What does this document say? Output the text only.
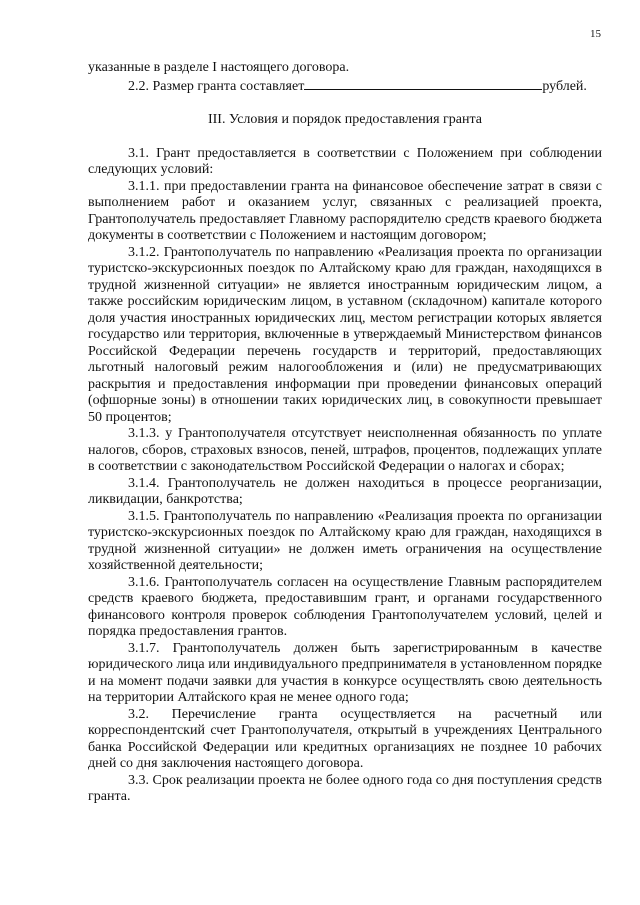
15

указанные в разделе I настоящего договора.

2.2. Размер гранта составляет	рублей.

III. Условия и порядок предоставления гранта

3.1. Грант предоставляется в соответствии с Положением при соблюдении следующих условий:

3.1.1. при предоставлении гранта на финансовое обеспечение затрат в связи с выполнением работ и оказанием услуг, связанных с реализацией проекта, Грантополучатель предоставляет Главному распорядителю средств краевого бюджета документы в соответствии с Положением и настоящим договором;

3.1.2. Грантополучатель по направлению «Реализация проекта по организации туристско-экскурсионных поездок по Алтайскому краю для граждан, находящихся в трудной жизненной ситуации» не является иностранным юридическим лицом, а также российским юридическим лицом, в уставном (складочном) капитале которого доля участия иностранных юридических лиц, местом регистрации которых является государство или территория, включенные в утверждаемый Министерством финансов Российской Федерации перечень государств и территорий, предоставляющих льготный налоговый режим налогообложения и (или) не предусматривающих раскрытия и предоставления информации при проведении финансовых операций (офшорные зоны) в отношении таких юридических лиц, в совокупности превышает 50 процентов;

3.1.3. у Грантополучателя отсутствует неисполненная обязанность по уплате налогов, сборов, страховых взносов, пеней, штрафов, процентов, подлежащих уплате в соответствии с законодательством Российской Федерации о налогах и сборах;

3.1.4. Грантополучатель не должен находиться в процессе реорганизации, ликвидации, банкротства;

3.1.5. Грантополучатель по направлению «Реализация проекта по организации туристско-экскурсионных поездок по Алтайскому краю для граждан, находящихся в трудной жизненной ситуации» не должен иметь ограничения на осуществление хозяйственной деятельности;

3.1.6. Грантополучатель согласен на осуществление Главным распорядителем средств краевого бюджета, предоставившим грант, и органами государственного финансового контроля проверок соблюдения Грантополучателем условий, целей и порядка предоставления грантов.

3.1.7. Грантополучатель должен быть зарегистрированным в качестве юридического лица или индивидуального предпринимателя в установленном порядке и на момент подачи заявки для участия в конкурсе осуществлять свою деятельность на территории Алтайского края не менее одного года;

3.2. Перечисление гранта осуществляется на расчетный или корреспондентский счет Грантополучателя, открытый в учреждениях Центрального банка Российской Федерации или кредитных организациях не позднее 10 рабочих дней со дня заключения настоящего договора.

3.3. Срок реализации проекта не более одного года со дня поступления средств гранта.
